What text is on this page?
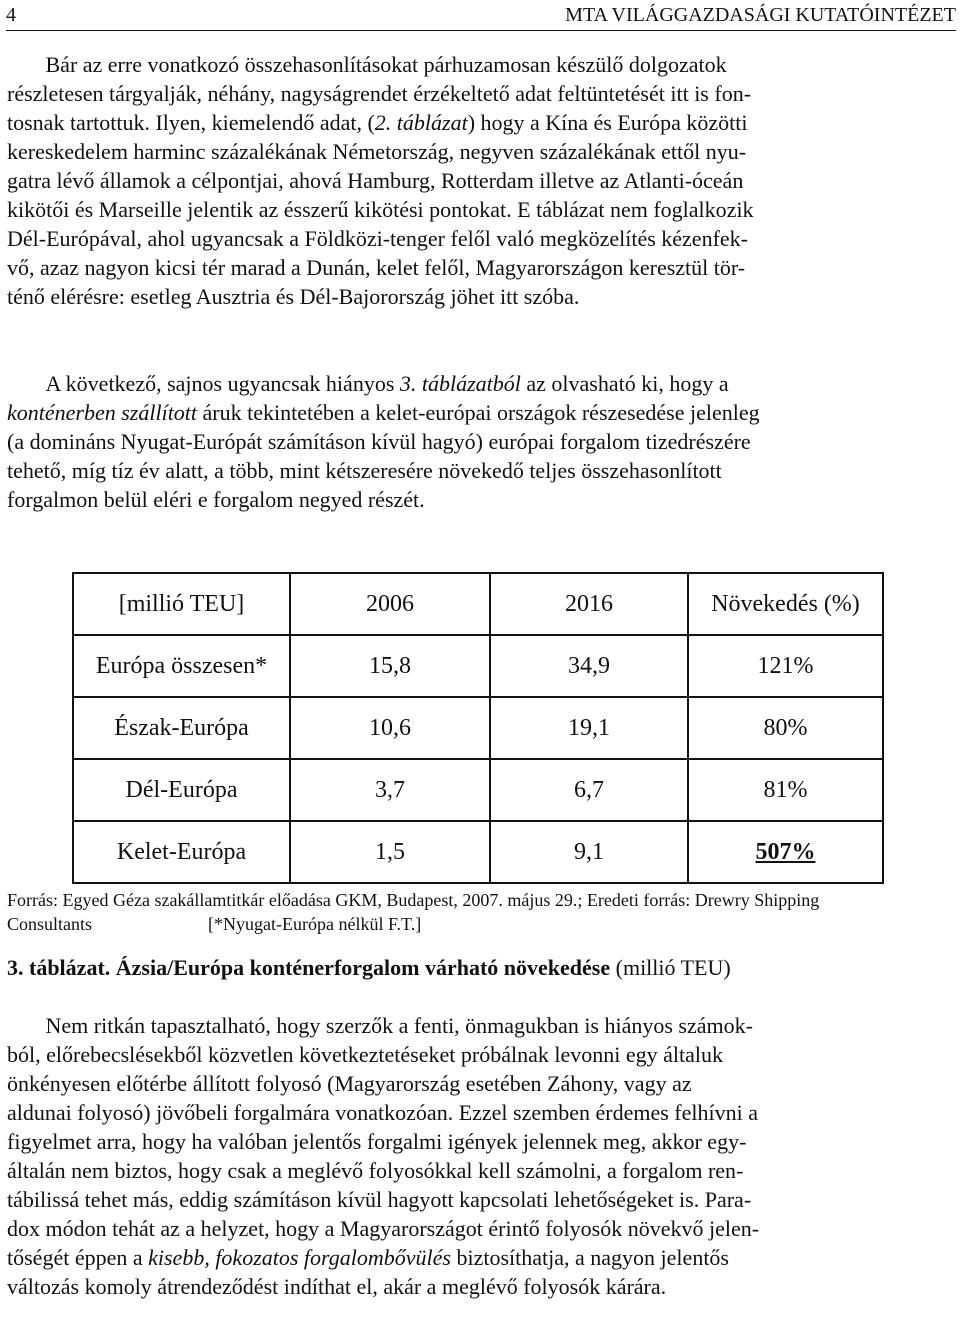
4	MTA VILÁGGAZDASÁGI KUTATÓINTÉZET
Bár az erre vonatkozó összehasonlításokat párhuzamosan készülő dolgozatok
részletesen tárgyalják, néhány, nagyságrendet érzékeltető adat feltüntetését itt is fon-
tosnak tartottuk. Ilyen, kiemelendő adat, (2. táblázat) hogy a Kína és Európa közötti
kereskedelem harminc százalékának Németország, negyven százalékának ettől nyu-
gatra lévő államok a célpontjai, ahová Hamburg, Rotterdam illetve az Atlanti-óceán
kikötői és Marseille jelentik az ésszerű kikötési pontokat. E táblázat nem foglalkozik
Dél-Európával, ahol ugyancsak a Földközi-tenger felől való megközelítés kézenfek-
vő, azaz nagyon kicsi tér marad a Dunán, kelet felől, Magyarországon keresztül tör-
ténő elérésre: esetleg Ausztria és Dél-Bajorország jöhet itt szóba.
A következő, sajnos ugyancsak hiányos 3. táblázatból az olvasható ki, hogy a
konténerben szállított áruk tekintetében a kelet-európai országok részesedése jelenleg
(a domináns Nyugat-Európát számításon kívül hagyó) európai forgalom tizedrészére
tehető, míg tíz év alatt, a több, mint kétszeresére növekedő teljes összehasonlított
forgalmon belül eléri e forgalom negyed részét.
[millió TEU]	2006	2016	Növekedés (%)
Európa összesen*	15,8	34,9	121%
Észak-Európa	10,6	19,1	80%
Dél-Európa	3,7	6,7	81%
Kelet-Európa	1,5	9,1	507%
Forrás: Egyed Géza szakállamtitkár előadása GKM, Budapest, 2007. május 29.; Eredeti forrás: Drewry Shipping
Consultants	[*Nyugat-Európa nélkül F.T.]
3. táblázat. Ázsia/Európa konténerforgalom várható növekedése (millió TEU)
Nem ritkán tapasztalható, hogy szerzők a fenti, önmagukban is hiányos számok-
ból, előrebecslésekből közvetlen következtetéseket próbálnak levonni egy általuk
önkényesen előtérbe állított folyosó (Magyarország esetében Záhony, vagy az
aldunai folyosó) jövőbeli forgalmára vonatkozóan. Ezzel szemben érdemes felhívni a
figyelmet arra, hogy ha valóban jelentős forgalmi igények jelennek meg, akkor egy-
általán nem biztos, hogy csak a meglévő folyosókkal kell számolni, a forgalom ren-
tábilissá tehet más, eddig számításon kívül hagyott kapcsolati lehetőségeket is. Para-
dox módon tehát az a helyzet, hogy a Magyarországot érintő folyosók növekvő jelen-
tőségét éppen a kisebb, fokozatos forgalombővülés biztosíthatja, a nagyon jelentős
változás komoly átrendeződést indíthat el, akár a meglévő folyosók kárára.
